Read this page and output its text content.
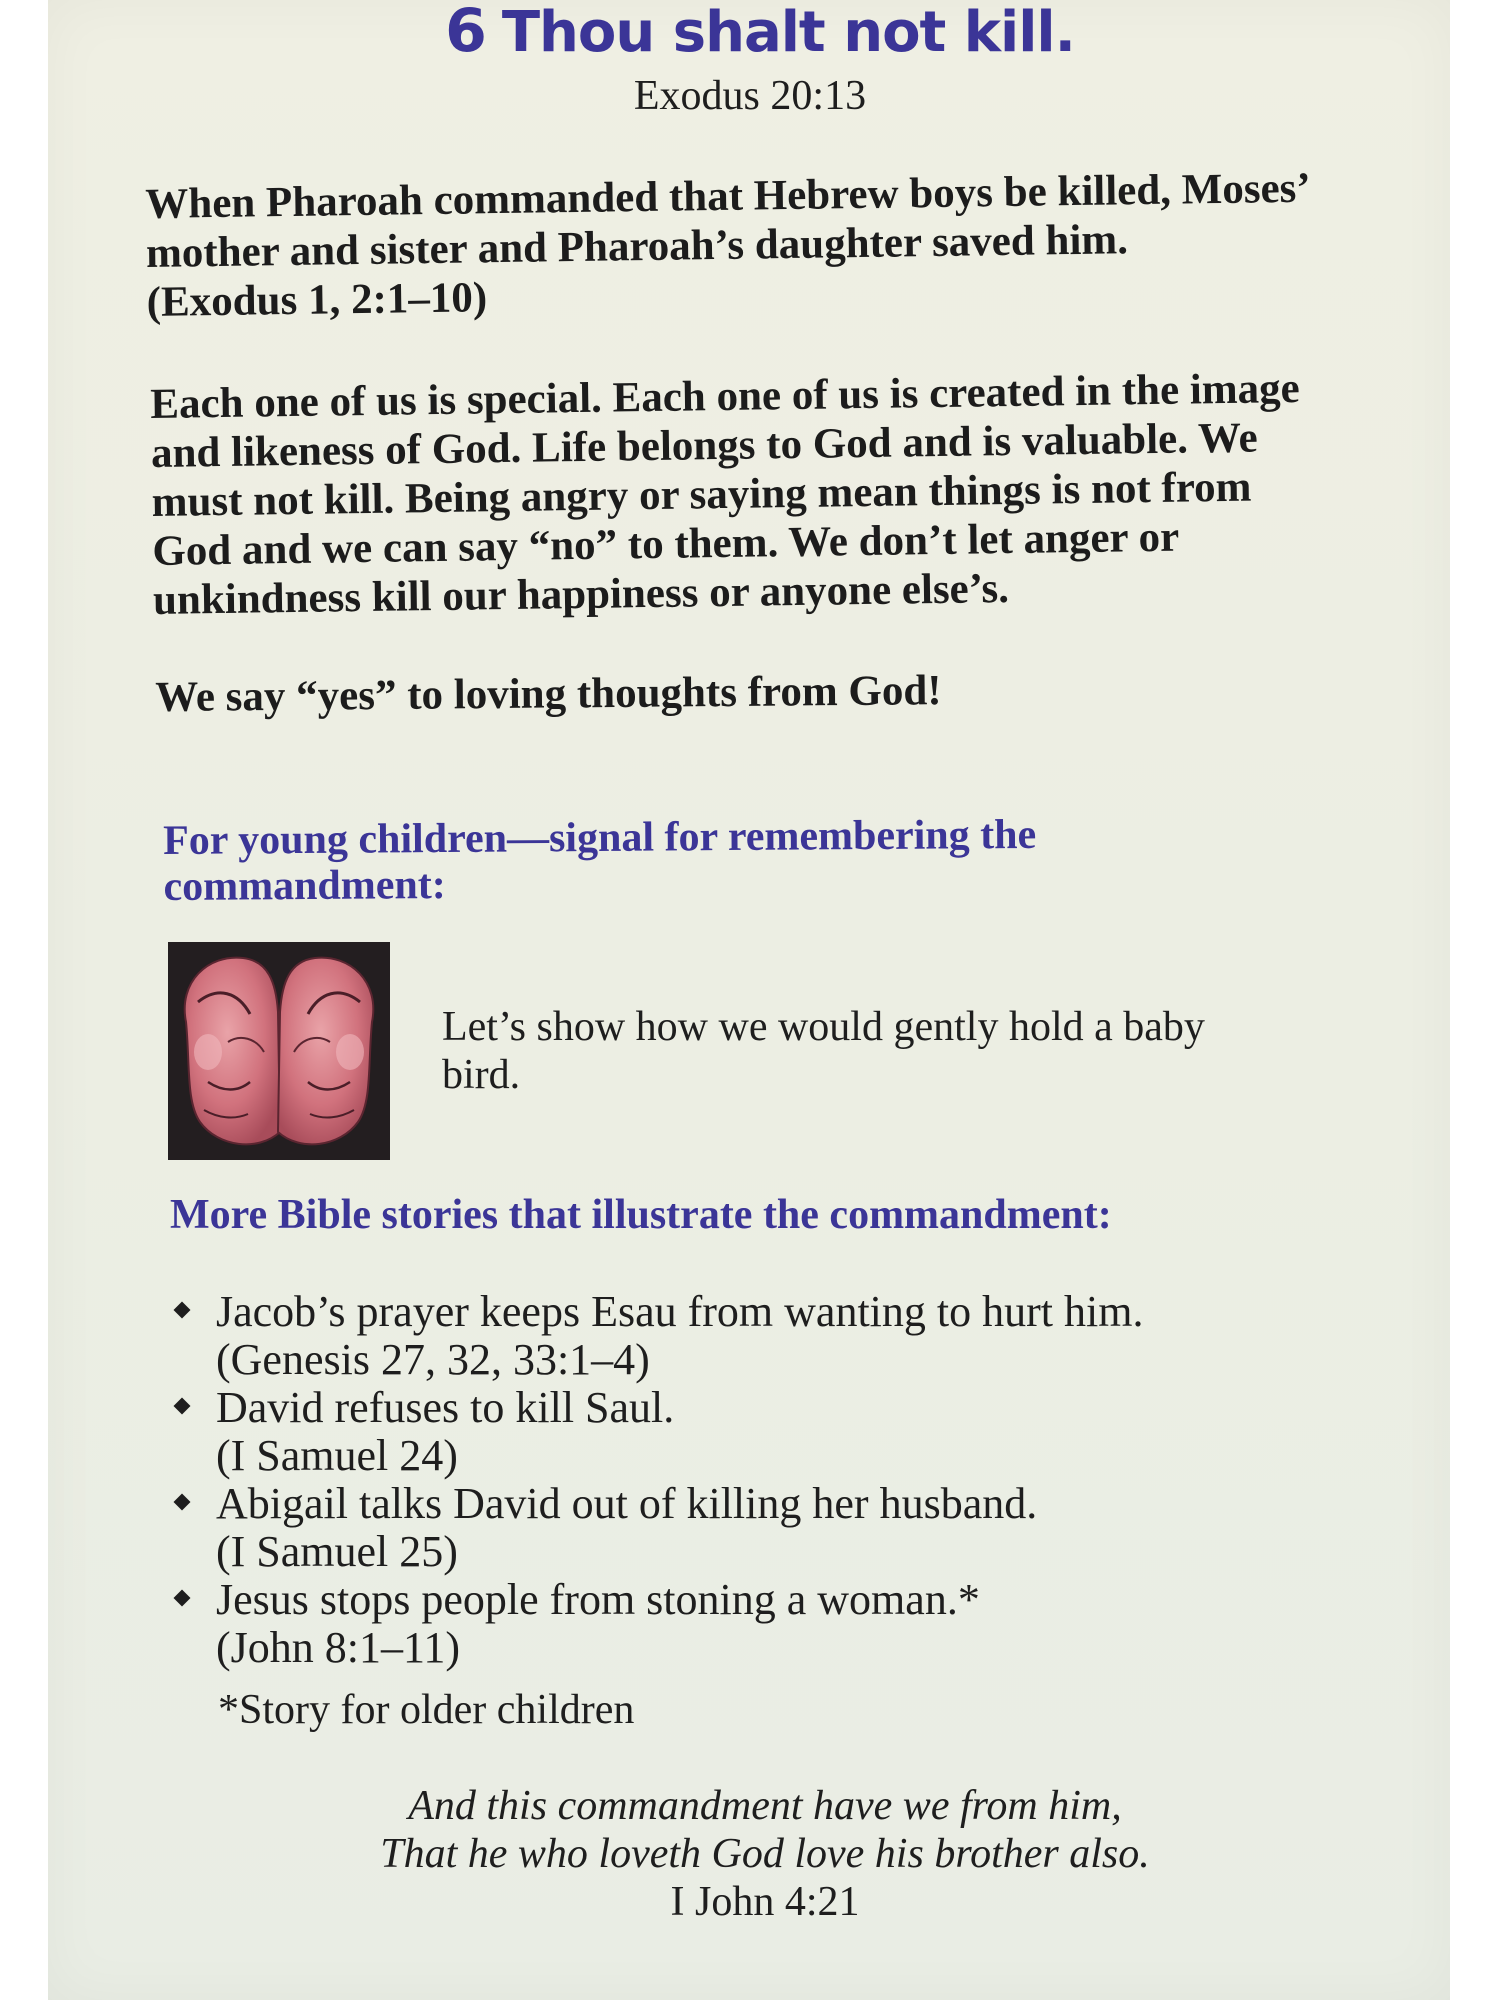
6 Thou shalt not kill.
Exodus 20:13

When Pharoah commanded that Hebrew boys be killed, Moses’
mother and sister and Pharoah’s daughter saved him.
(Exodus 1, 2:1–10)

Each one of us is special. Each one of us is created in the image
and likeness of God. Life belongs to God and is valuable. We
must not kill. Being angry or saying mean things is not from
God and we can say “no” to them. We don’t let anger or
unkindness kill our happiness or anyone else’s.

We say “yes” to loving thoughts from God!

For young children—signal for remembering the
commandment:

Let’s show how we would gently hold a baby
bird.

More Bible stories that illustrate the commandment:
Jacob’s prayer keeps Esau from wanting to hurt him.
(Genesis 27, 32, 33:1–4)
David refuses to kill Saul.
(I Samuel 24)
Abigail talks David out of killing her husband.
(I Samuel 25)
Jesus stops people from stoning a woman.*
(John 8:1–11)
*Story for older children
And this commandment have we from him,
That he who loveth God love his brother also.
I John 4:21
